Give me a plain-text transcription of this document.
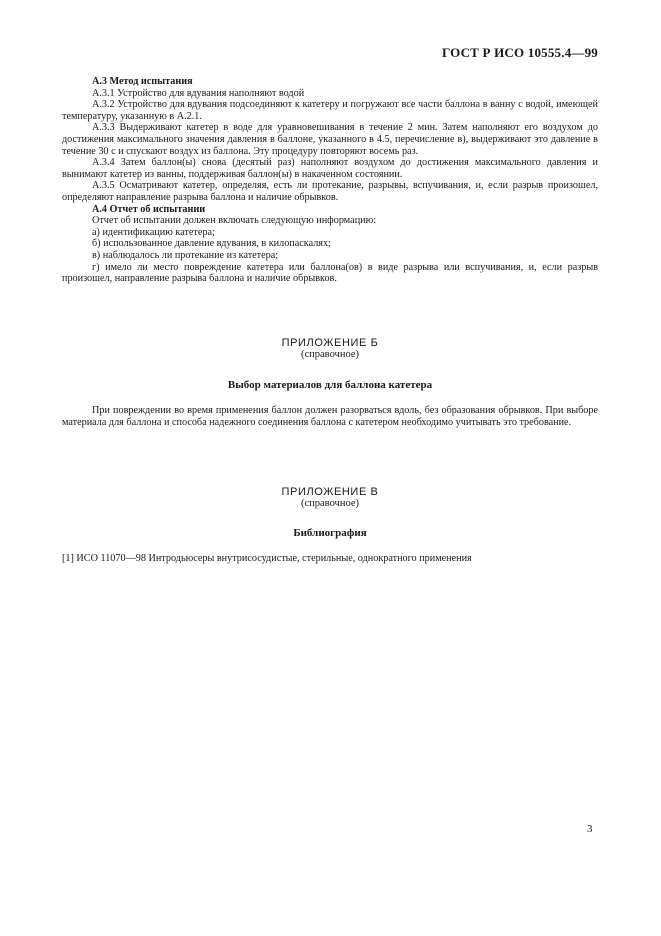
ГОСТ Р ИСО 10555.4—99

А.3 Метод испытания

А.3.1 Устройство для вдувания наполняют водой

А.3.2 Устройство для вдувания подсоединяют к катетеру и погружают все части баллона в ванну с водой, имеющей температуру, указанную в А.2.1.

А.3.3 Выдерживают катетер в воде для уравновешивания в течение 2 мин. Затем наполняют его воздухом до достижения максимального значения давления в баллоне, указанного в 4.5, перечисление в), выдерживают это давление в течение 30 с и спускают воздух из баллона. Эту процедуру повторяют восемь раз.

А.3.4 Затем баллон(ы) снова (десятый раз) наполняют воздухом до достижения максимального давления и вынимают катетер из ванны, поддерживая баллон(ы) в накаченном состоянии.

А.3.5 Осматривают катетер, определяя, есть ли протекание, разрывы, вспучивания, и, если разрыв произошел, определяют направление разрыва баллона и наличие обрывков.

А.4 Отчет об испытании

Отчет об испытании должен включать следующую информацию:

а) идентификацию катетера;

б) использованное давление вдувания, в килопаскалях;

в) наблюдалось ли протекание из катетера;

г) имело ли место повреждение катетера или баллона(ов) в виде разрыва или вспучивания, и, если разрыв произошел, направление разрыва баллона и наличие обрывков.

ПРИЛОЖЕНИЕ Б

(справочное)

Выбор материалов для баллона катетера

При повреждении во время применения баллон должен разорваться вдоль, без образования обрывков. При выборе материала для баллона и способа надежного соединения баллона с катетером необходимо учитывать это требование.

ПРИЛОЖЕНИЕ В

(справочное)

Библиография

[1] ИСО 11070—98 Интродьюсеры внутрисосудистые, стерильные, однократного применения

3
